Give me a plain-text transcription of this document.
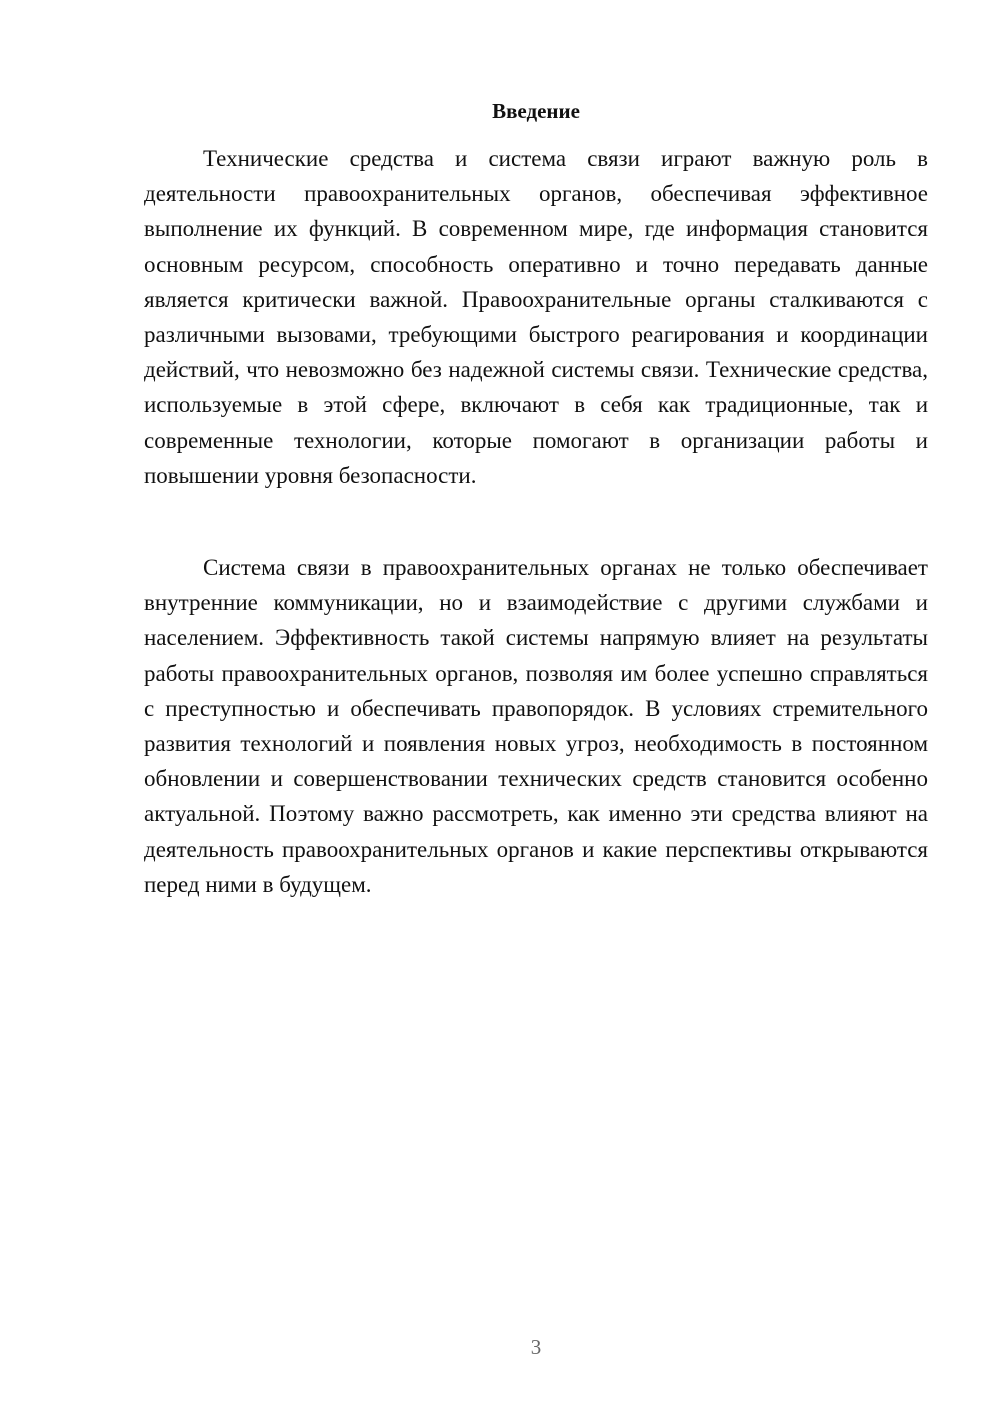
Введение

Технические средства и система связи играют важную роль в деятельности правоохранительных органов, обеспечивая эффективное выполнение их функций. В современном мире, где информация становится основным ресурсом, способность оперативно и точно передавать данные является критически важной. Правоохранительные органы сталкиваются с различными вызовами, требующими быстрого реагирования и координации действий, что невозможно без надежной системы связи. Технические средства, используемые в этой сфере, включают в себя как традиционные, так и современные технологии, которые помогают в организации работы и повышении уровня безопасности.

Система связи в правоохранительных органах не только обеспечивает внутренние коммуникации, но и взаимодействие с другими службами и населением. Эффективность такой системы напрямую влияет на результаты работы правоохранительных органов, позволяя им более успешно справляться с преступностью и обеспечивать правопорядок. В условиях стремительного развития технологий и появления новых угроз, необходимость в постоянном обновлении и совершенствовании технических средств становится особенно актуальной. Поэтому важно рассмотреть, как именно эти средства влияют на деятельность правоохранительных органов и какие перспективы открываются перед ними в будущем.

3
